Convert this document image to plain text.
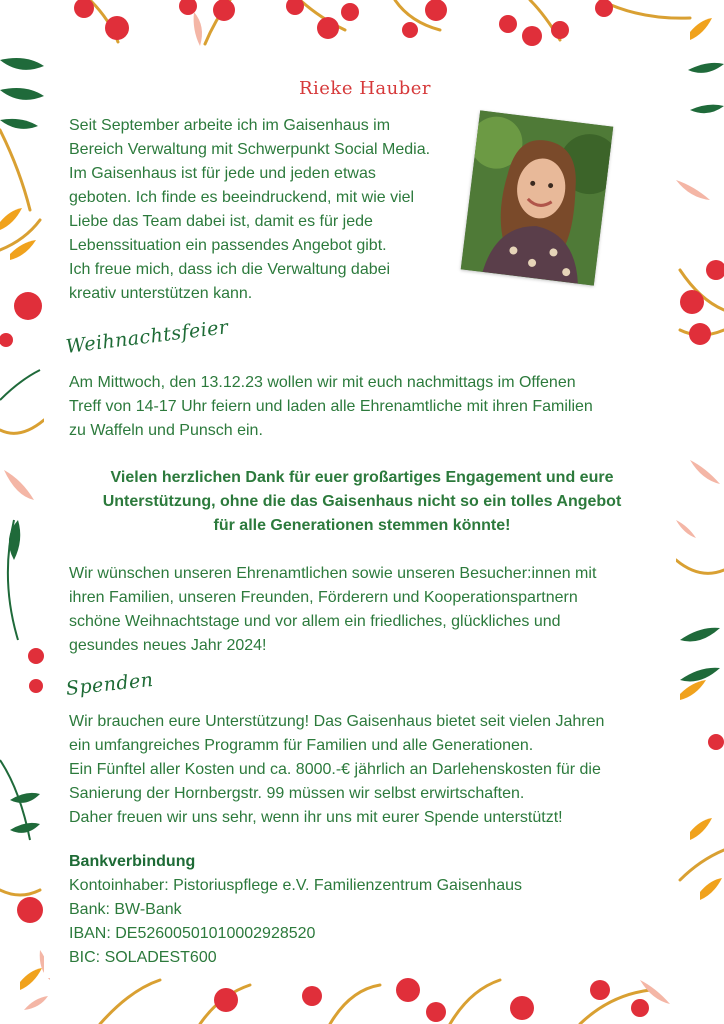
Rieke Hauber

Seit September arbeite ich im Gaisenhaus im
Bereich Verwaltung mit Schwerpunkt Social Media.
Im Gaisenhaus ist für jede und jeden etwas
geboten. Ich finde es beeindruckend, mit wie viel
Liebe das Team dabei ist, damit es für jede
Lebenssituation ein passendes Angebot gibt.
Ich freue mich, dass ich die Verwaltung dabei
kreativ unterstützen kann.

Weihnachtsfeier

Am Mittwoch, den 13.12.23 wollen wir mit euch nachmittags im Offenen
Treff von 14-17 Uhr feiern und laden alle Ehrenamtliche mit ihren Familien
zu Waffeln und Punsch ein.
Vielen herzlichen Dank für euer großartiges Engagement und eure
Unterstützung, ohne die das Gaisenhaus nicht so ein tolles Angebot
für alle Generationen stemmen könnte!
Wir wünschen unseren Ehrenamtlichen sowie unseren Besucher:innen mit
ihren Familien, unseren Freunden, Förderern und Kooperationspartnern
schöne Weihnachtstage und vor allem ein friedliches, glückliches und
gesundes neues Jahr 2024!

Spenden

Wir brauchen eure Unterstützung! Das Gaisenhaus bietet seit vielen Jahren
ein umfangreiches Programm für Familien und alle Generationen.
Ein Fünftel aller Kosten und ca. 8000.-€ jährlich an Darlehenskosten für die
Sanierung der Hornbergstr. 99 müssen wir selbst erwirtschaften.
Daher freuen wir uns sehr, wenn ihr uns mit eurer Spende unterstützt!
Bankverbindung
Kontoinhaber: Pistoriuspflege e.V. Familienzentrum Gaisenhaus
Bank: BW-Bank
IBAN: DE52600501010002928520
BIC: SOLADEST600
